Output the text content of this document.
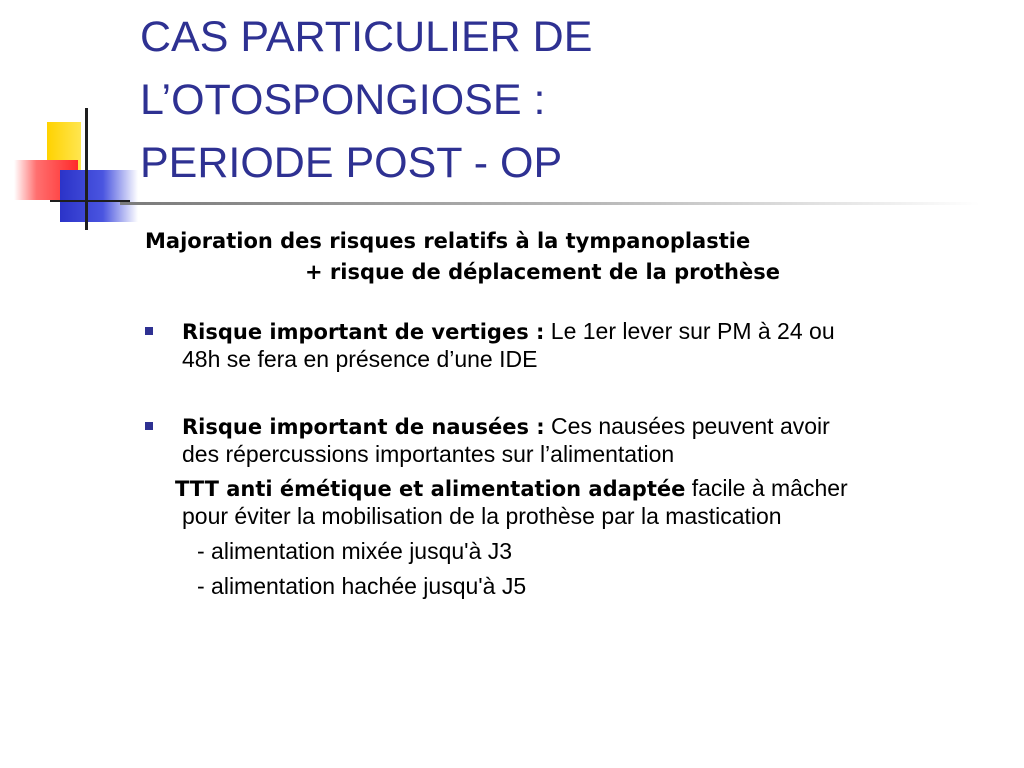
CAS PARTICULIER DE
L’OTOSPONGIOSE :
PERIODE POST - OP

Majoration des risques relatifs à la tympanoplastie

+ risque de déplacement de la prothèse

Risque important de vertiges : Le 1er lever sur PM à 24 ou
48h se fera en présence d’une IDE
Risque important de nausées : Ces nausées peuvent avoir
des répercussions importantes sur l’alimentation
TTT anti émétique et alimentation adaptée facile à mâcher
pour éviter la mobilisation de la prothèse par la mastication
- alimentation mixée jusqu'à J3
- alimentation hachée jusqu'à J5
